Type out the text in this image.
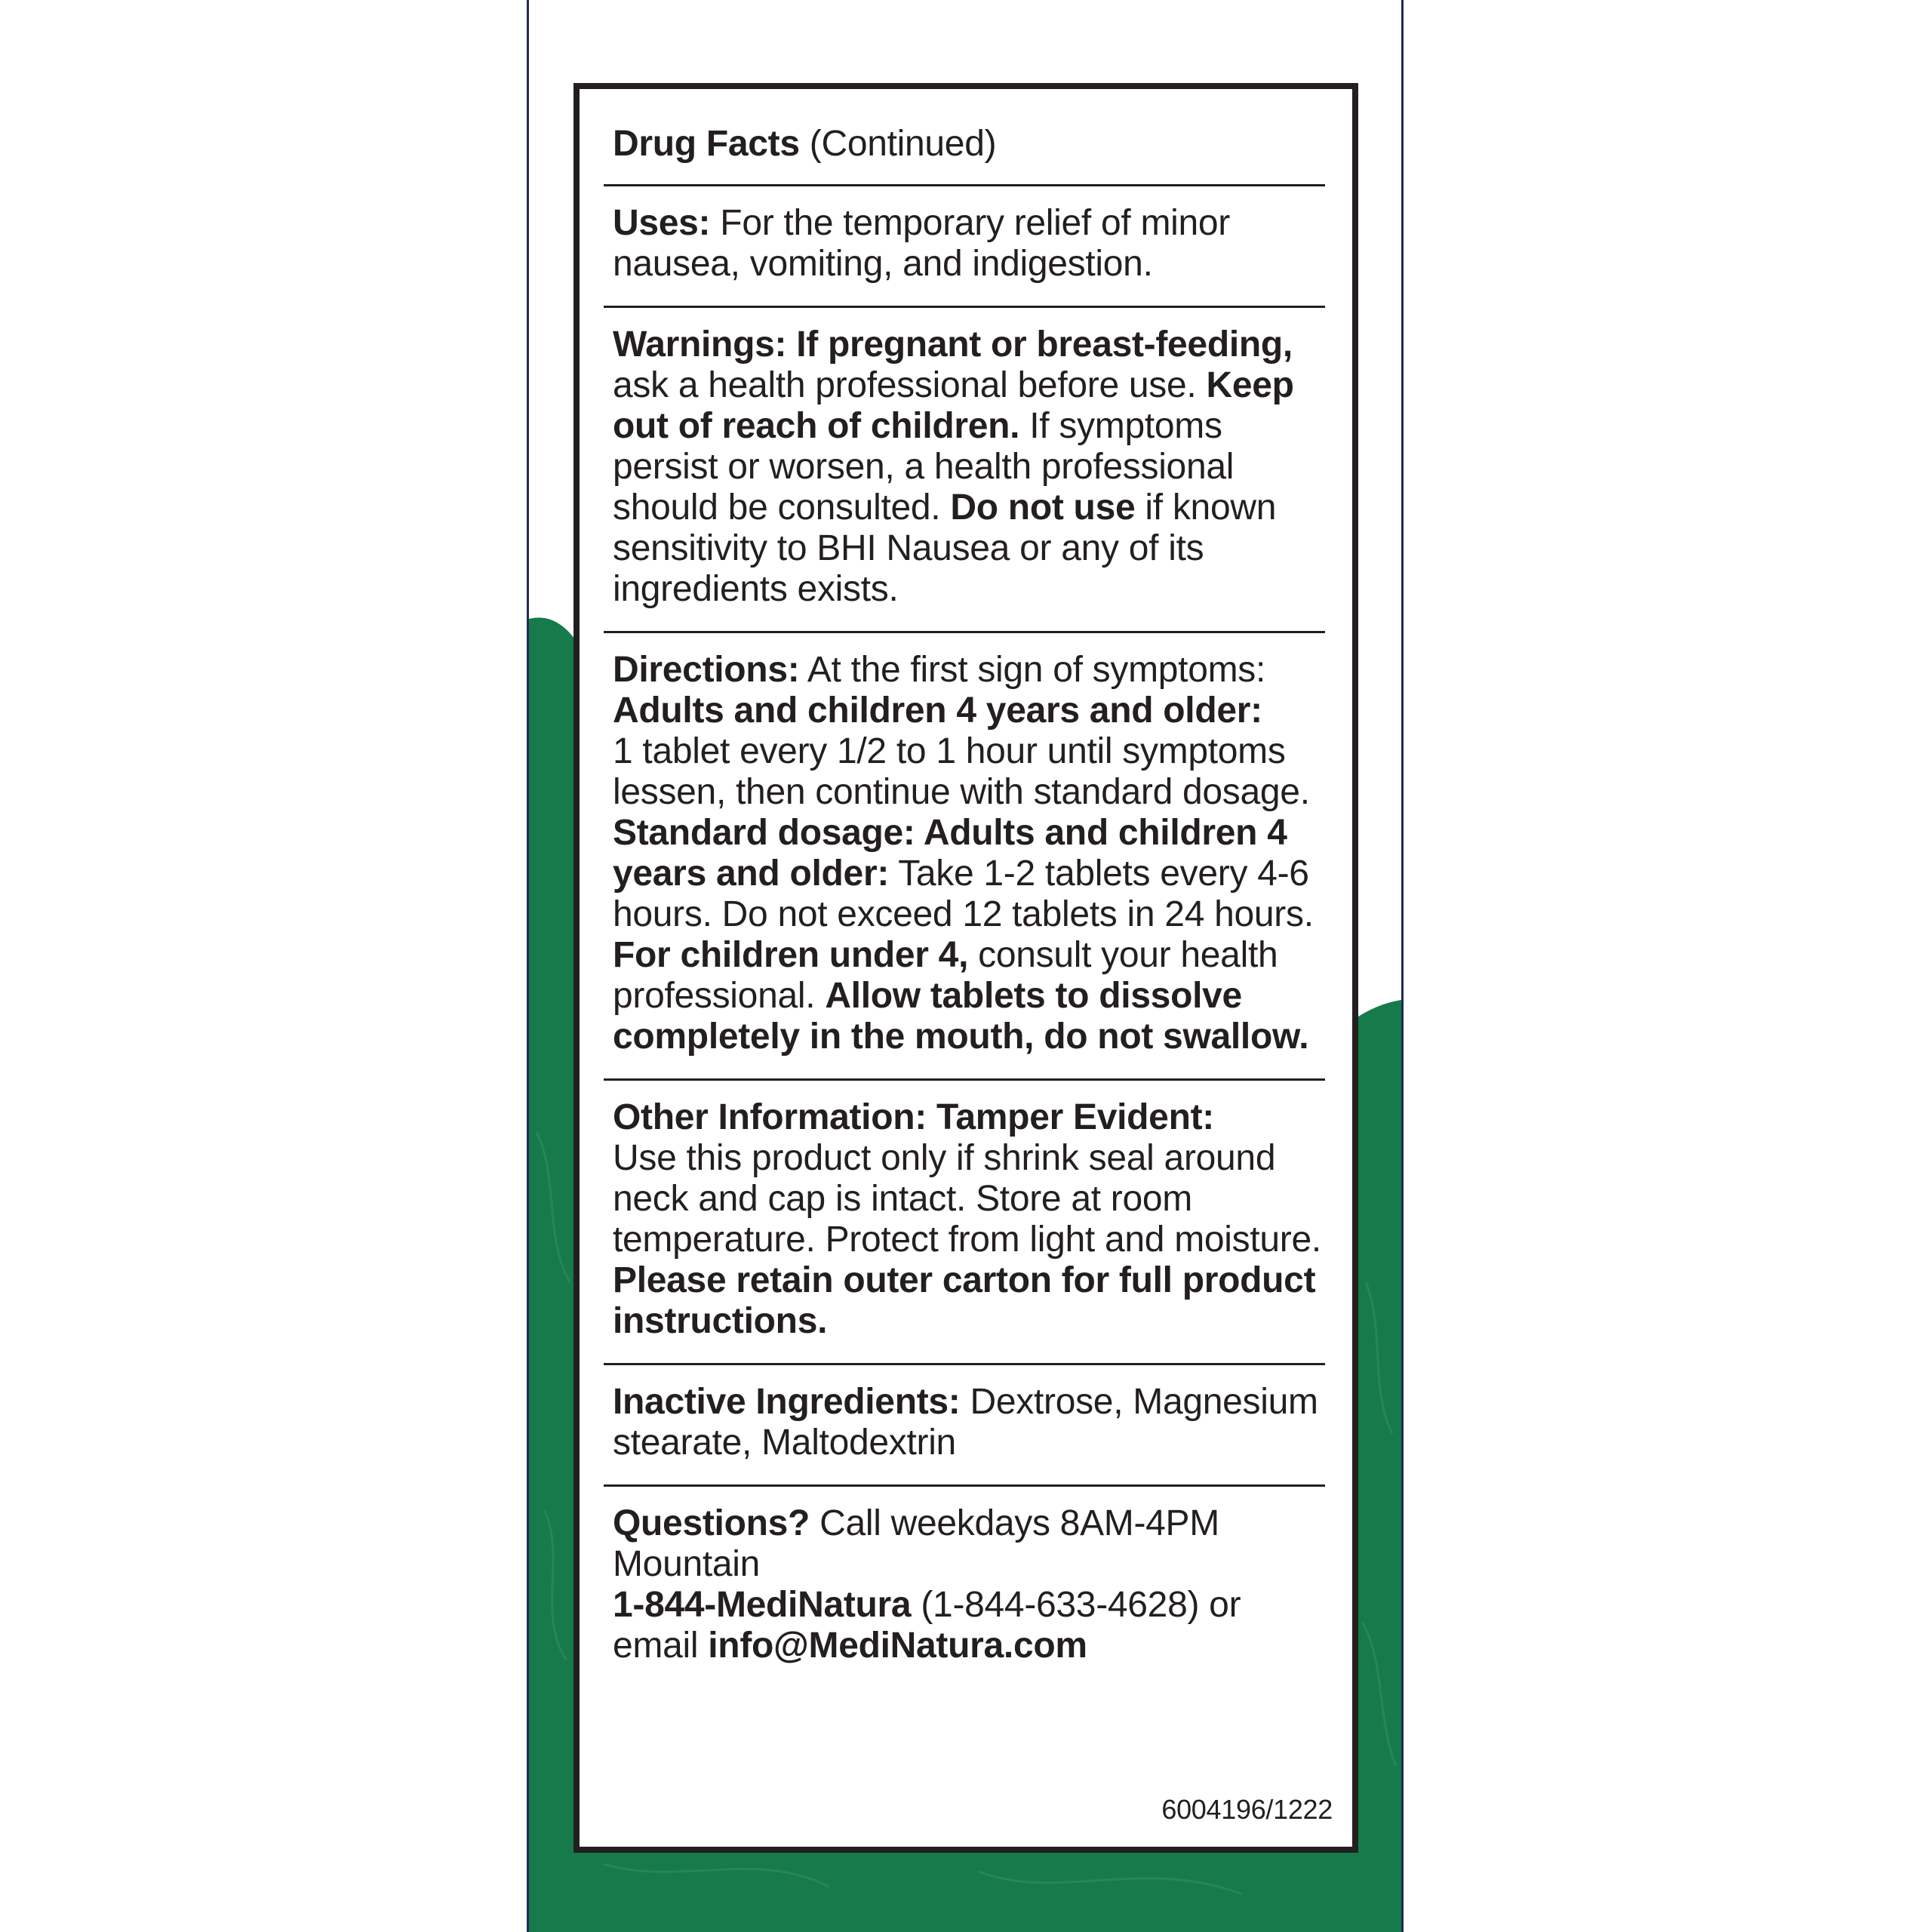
Drug Facts (Continued)
Uses: For the temporary relief of minor nausea, vomiting, and indigestion.
Warnings: If pregnant or breast-feeding, ask a health professional before use. Keep out of reach of children. If symptoms persist or worsen, a health professional should be consulted. Do not use if known sensitivity to BHI Nausea or any of its ingredients exists.
Directions: At the first sign of symptoms:
Adults and children 4 years and older:
1 tablet every 1/2 to 1 hour until symptoms lessen, then continue with standard dosage.
Standard dosage: Adults and children 4 years and older: Take 1-2 tablets every 4-6 hours. Do not exceed 12 tablets in 24 hours. For children under 4, consult your health professional. Allow tablets to dissolve completely in the mouth, do not swallow.
Other Information: Tamper Evident:
Use this product only if shrink seal around neck and cap is intact. Store at room temperature. Protect from light and moisture. Please retain outer carton for full product instructions.
Inactive Ingredients: Dextrose, Magnesium stearate, Maltodextrin
Questions? Call weekdays 8AM-4PM Mountain
1-844-MediNatura (1-844-633-4628) or
email info@MediNatura.com
6004196/1222
